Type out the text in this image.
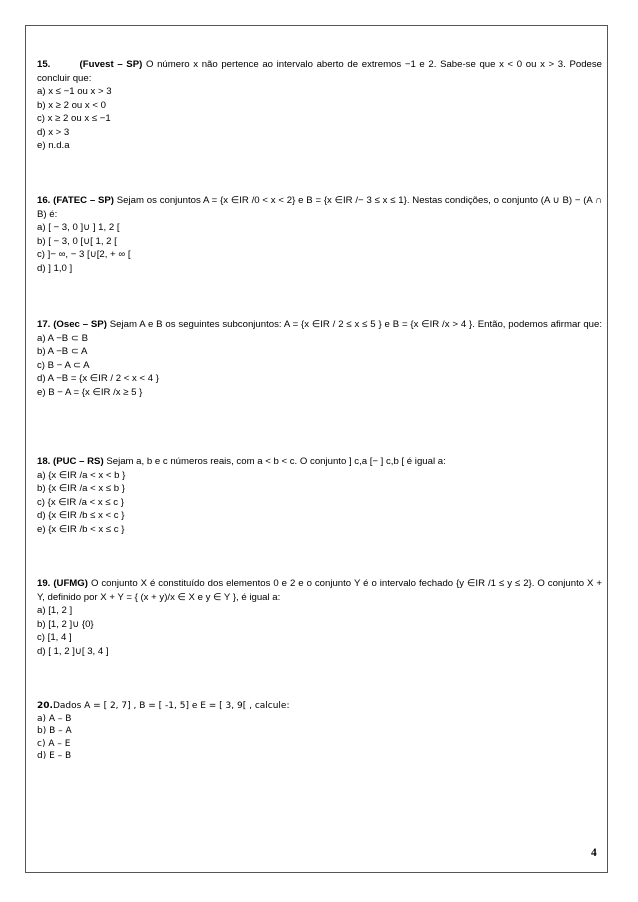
15.	(Fuvest – SP) O número x não pertence ao intervalo aberto de extremos −1 e 2. Sabe-se que x < 0 ou x > 3. Podese concluir que:
a) x ≤ −1 ou x > 3
b) x ≥ 2 ou x < 0
c) x ≥ 2 ou x ≤ −1
d) x > 3
e) n.d.a
16. (FATEC – SP) Sejam os conjuntos A = {x ∈IR /0 < x < 2} e B = {x ∈IR /− 3 ≤ x ≤ 1}. Nestas condições, o conjunto (A ∪ B) − (A ∩ B) é:
a) [ − 3, 0 ]∪ ] 1, 2 [
b) [ − 3, 0 [∪[ 1, 2 [
c) ]− ∞, − 3 [∪[2, + ∞ [
d) ] 1,0 ]
17. (Osec – SP) Sejam A e B os seguintes subconjuntos: A = {x ∈IR / 2 ≤ x ≤ 5 } e B = {x ∈IR /x > 4 }. Então, podemos afirmar que: a) A −B ⊂ B
b) A −B ⊂ A
c) B − A ⊂ A
d) A −B = {x ∈IR / 2 < x < 4 }
e) B − A = {x ∈IR /x ≥ 5 }
18. (PUC – RS) Sejam a, b e c números reais, com a < b < c. O conjunto ] c,a [− ] c,b [ é igual a:
a) {x ∈IR /a < x < b }
b) {x ∈IR /a < x ≤ b }
c) {x ∈IR /a < x ≤ c }
d) {x ∈IR /b ≤ x < c }
e) {x ∈IR /b < x ≤ c }
19. (UFMG) O conjunto X é constituído dos elementos 0 e 2 e o conjunto Y é o intervalo fechado {y ∈IR /1 ≤ y ≤ 2}. O conjunto X + Y, definido por X + Y = { (x + y)/x ∈ X e y ∈ Y }, é igual a:
a) [1, 2 ]
b) [1, 2 ]∪ {0}
c) [1, 4 ]
d) [ 1, 2 ]∪[ 3, 4 ]
20.Dados A = [ 2, 7] , B = [ -1, 5] e E = [ 3, 9[ , calcule:
a) A – B
b) B – A
c) A – E
d) E – B
4
